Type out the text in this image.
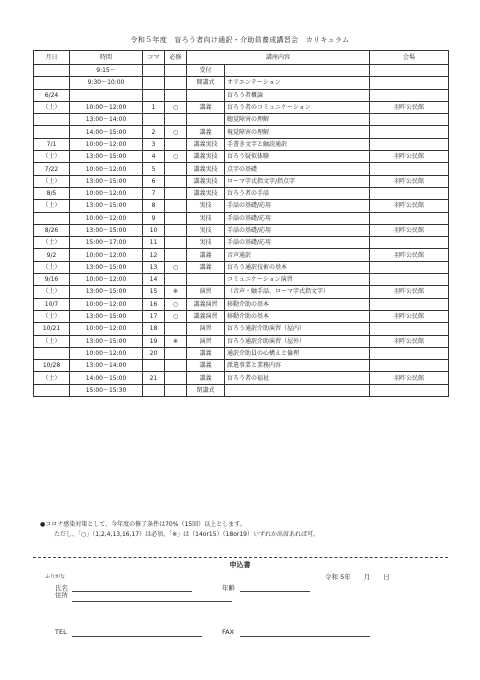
令和５年度　盲ろう者向け通訳・介助員養成講習会　カリキュラム
月日	時間	コマ	必修	講座内容		会場
	9:15～			受付		
	9:30～10:00			開講式	オリエンテーション	
6/24					盲ろう者概論	
（土）	10:00～12:00	1	○	講義	盲ろう者のコミュニケーション	羽咋公民館
	13:00～14:00				聴覚障害の理解	
	14:00～15:00	2	○	講義	視覚障害の理解	
7/1	10:00～12:00	3		講義実技	手書き文字と触読通訳	
（土）	13:00～15:00	4	○	講義実技	盲ろう疑似体験	羽咋公民館
7/22	10:00～12:00	5		講義実技	点字の基礎	
（土）	13:00～15:00	6		講義実技	ローマ字式指文字/指点字	羽咋公民館
8/5	10:00～12:00	7		講義実技	盲ろう者の手話	
（土）	13:00～15:00	8		実技	手話の基礎/応用	羽咋公民館
	10:00～12:00	9		実技	手話の基礎/応用	
8/26	13:00～15:00	10		実技	手話の基礎/応用	羽咋公民館
（土）	15:00～17:00	11		実技	手話の基礎/応用	
9/2	10:00～12:00	12		講義	音声通訳	羽咋公民館
（土）	13:00～15:00	13	○	講義	盲ろう通訳技術の基本	
9/16	10:00～12:00	14			コミュニケーション演習	
（土）	13:00～15:00	15	※	演習	（音声・触手話、ローマ字式指文字）	羽咋公民館
10/7	10:00～12:00	16	○	講義演習	移動介助の基本	
（土）	13:00～15:00	17	○	講義演習	移動介助の基本	羽咋公民館
10/21	10:00～12:00	18		演習	盲ろう通訳介助演習（屋内）	
（土）	13:00～15:00	19	※	演習	盲ろう通訳介助演習（屋外）	羽咋公民館
	10:00～12:00	20		講義	通訳介助員の心構えと倫理	
10/28	13:00～14:00			講義	派遣事業と業務内容	
（土）	14:00～15:00	21		講義	盲ろう者の福祉	羽咋公民館
	15:00～15:30			閉講式		
●コロナ感染対策として、今年度の修了条件は70%（15回）以上とします。
ただし、「○」（1,2,4,13,16,17）は必須、「※」は（14or15）（18or19）いずれか出席あれば可。
申込書
ふりがな
氏名	年齢
令和 5年　　月　　日
住所
TEL	FAX
